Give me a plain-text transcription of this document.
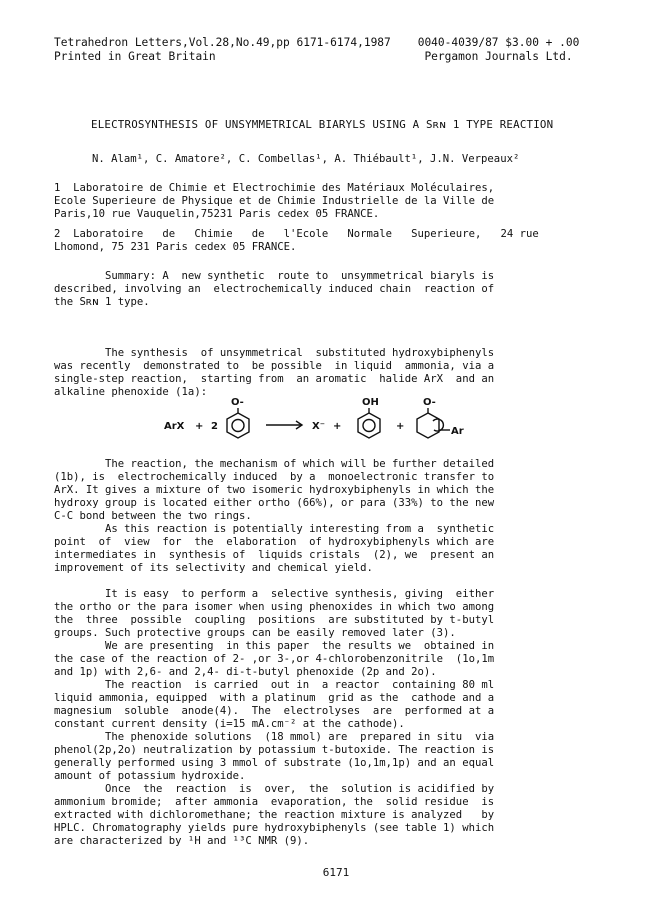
Tetrahedron Letters,Vol.28,No.49,pp 6171-6174,1987    0040-4039/87 $3.00 + .00
Printed in Great Britain                               Pergamon Journals Ltd.
ELECTROSYNTHESIS OF UNSYMMETRICAL BIARYLS USING A Sʀɴ 1 TYPE REACTION
N. Alam¹, C. Amatore², C. Combellas¹, A. Thiébault¹, J.N. Verpeaux²
1  Laboratoire de Chimie et Electrochimie des Matériaux Moléculaires,
Ecole Superieure de Physique et de Chimie Industrielle de la Ville de
Paris,10 rue Vauquelin,75231 Paris cedex 05 FRANCE.
2  Laboratoire   de   Chimie   de   l'Ecole   Normale   Superieure,   24 rue
Lhomond, 75 231 Paris cedex 05 FRANCE.
Summary: A  new synthetic  route to  unsymmetrical biaryls is
described, involving an  electrochemically induced chain  reaction of
the Sʀɴ 1 type.
The synthesis  of unsymmetrical  substituted hydroxybiphenyls
was recently  demonstrated to  be possible  in liquid  ammonia, via a
single-step reaction,  starting from  an aromatic  halide ArX  and an
alkaline phenoxide (1a):
ArX + 2
O-
X⁻ +
OH
+
O-
Ar
The reaction, the mechanism of which will be further detailed
(1b), is  electrochemically induced  by a  monoelectronic transfer to
ArX. It gives a mixture of two isomeric hydroxybiphenyls in which the
hydroxy group is located either ortho (66%), or para (33%) to the new
C-C bond between the two rings.
As this reaction is potentially interesting from a  synthetic
point  of  view  for  the  elaboration  of hydroxybiphenyls which are
intermediates in  synthesis of  liquids cristals  (2), we  present an
improvement of its selectivity and chemical yield.
It is easy  to perform a  selective synthesis, giving  either
the ortho or the para isomer when using phenoxides in which two among
the  three  possible  coupling  positions  are substituted by t-butyl
groups. Such protective groups can be easily removed later (3).
We are presenting  in this paper  the results we  obtained in
the case of the reaction of 2- ,or 3-,or 4-chlorobenzonitrile  (1o,1m
and 1p) with 2,6- and 2,4- di-t-butyl phenoxide (2p and 2o).
The reaction  is carried  out in  a reactor  containing 80 ml
liquid ammonia, equipped  with a platinum  grid as the  cathode and a
magnesium  soluble  anode(4).  The  electrolyses  are  performed at a
constant current density (i=15 mA.cm⁻² at the cathode).
The phenoxide solutions  (18 mmol) are  prepared in situ  via
phenol(2p,2o) neutralization by potassium t-butoxide. The reaction is
generally performed using 3 mmol of substrate (1o,1m,1p) and an equal
amount of potassium hydroxide.
Once  the  reaction  is  over,  the  solution is acidified by
ammonium bromide;  after ammonia  evaporation, the  solid residue  is
extracted with dichloromethane; the reaction mixture is analyzed   by
HPLC. Chromatography yields pure hydroxybiphenyls (see table 1) which
are characterized by ¹H and ¹³C NMR (9).
6171
